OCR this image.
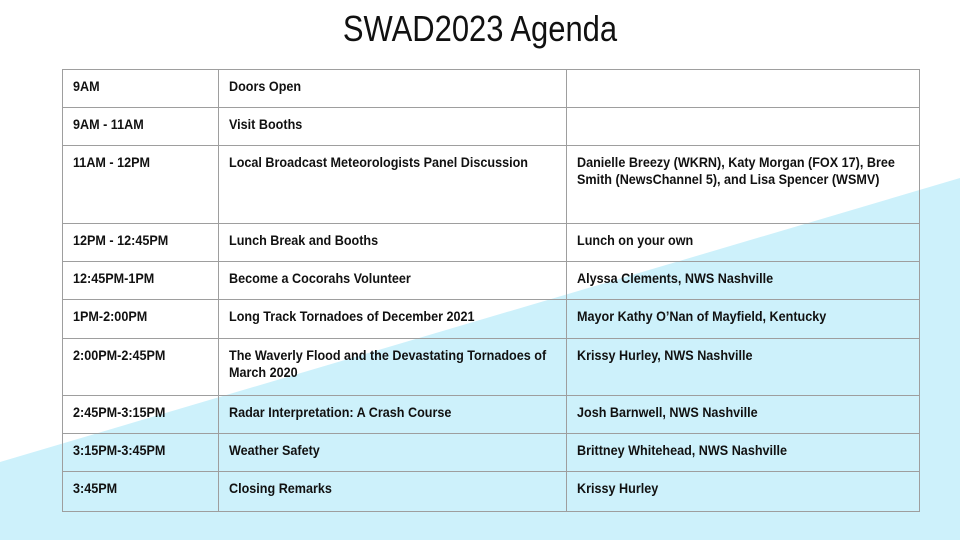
SWAD2023 Agenda
9AM	Doors Open	

9AM - 11AM	Visit Booths	

11AM - 12PM	Local Broadcast Meteorologists Panel Discussion	Danielle Breezy (WKRN), Katy Morgan (FOX 17), Bree Smith (NewsChannel 5), and Lisa Spencer (WSMV)

12PM - 12:45PM	Lunch Break and Booths	Lunch on your own

12:45PM-1PM	Become a Cocorahs Volunteer	Alyssa Clements, NWS Nashville

1PM-2:00PM	Long Track Tornadoes of December 2021	Mayor Kathy O’Nan of Mayfield, Kentucky

2:00PM-2:45PM	The Waverly Flood and the Devastating Tornadoes of March 2020	Krissy Hurley, NWS Nashville

2:45PM-3:15PM	Radar Interpretation: A Crash Course	Josh Barnwell, NWS Nashville

3:15PM-3:45PM	Weather Safety	Brittney Whitehead, NWS Nashville

3:45PM	Closing Remarks	Krissy Hurley
